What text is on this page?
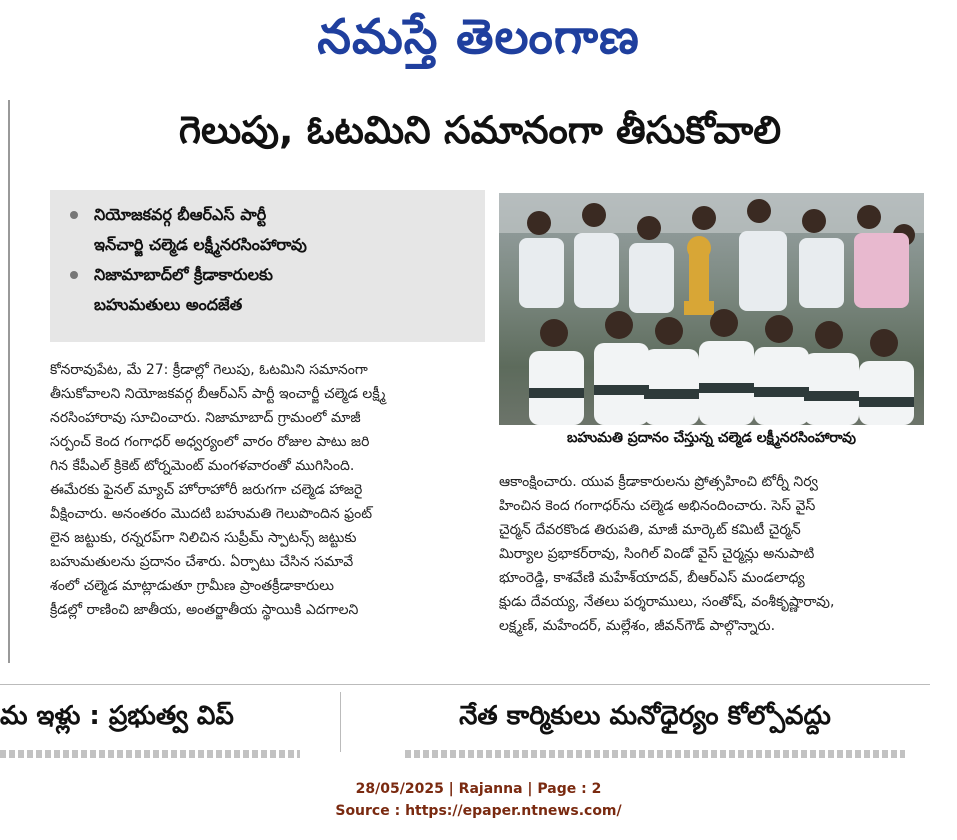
నమస్తే తెలంగాణ
గెలుపు, ఓటమిని సమానంగా తీసుకోవాలి
నియోజకవర్గ బీఆర్ఎస్ పార్టీ
ఇన్‌చార్జి చల్మెడ లక్ష్మీనరసింహారావు
నిజామాబాద్‌లో క్రీడాకారులకు
బహుమతులు అందజేత
బహుమతి ప్రదానం చేస్తున్న చల్మెడ లక్ష్మీనరసింహారావు
కోనరావుపేట, మే 27: క్రీడాల్లో గెలుపు, ఓటమిని సమానంగా
తీసుకోవాలని నియోజకవర్గ బీఆర్ఎస్ పార్టీ ఇంచార్జీ చల్మెడ లక్ష్మీ
నరసింహారావు సూచించారు. నిజామాబాద్ గ్రామంలో మాజీ
సర్పంచ్ కెంద గంగాధర్ అధ్వర్యంలో వారం రోజుల పాటు జరి
గిన కేపీఎల్ క్రికెట్ టోర్నమెంట్ మంగళవారంతో ముగిసింది.
ఈమేరకు ఫైనల్ మ్యాచ్ హోరాహోరీ జరుగగా చల్మెడ హాజరై
వీక్షించారు. అనంతరం మొదటి బహుమతి గెలుపొందిన ఫ్రంట్
లైన జట్టుకు, రన్నరప్‌గా నిలిచిన సుప్రీమ్ స్పాటన్స్ జట్టుకు
బహుమతులను ప్రదానం చేశారు. ఏర్పాటు చేసిన సమావే
శంలో చల్మెడ మాట్లాడుతూ గ్రామీణ ప్రాంతక్రీడాకారులు
క్రీడల్లో రాణించి జాతీయ, అంతర్జాతీయ స్థాయికి ఎదగాలని
ఆకాంక్షించారు. యువ క్రీడాకారులను ప్రోత్సహించి టోర్నీ నిర్వ
హించిన కెంద గంగాధర్‌ను చల్మెడ అభినందించారు. సెస్ వైస్
చైర్మన్ దేవరకొండ తిరుపతి, మాజీ మార్కెట్ కమిటీ చైర్మన్
మిర్యాల ప్రభాకర్‌రావు, సింగిల్ విండో వైస్ చైర్మన్లు అనుపాటి
భూంరెడ్డి, కాశవేణి మహేశ్‌యాదవ్, బీఆర్ఎస్ మండలాధ్య
క్షుడు దేవయ్య, నేతలు పర్శరాములు, సంతోష్, వంశీకృష్ణారావు,
లక్ష్మణ్, మహేందర్, మల్లేశం, జీవన్‌గౌడ్ పాల్గొన్నారు.
మ ఇళ్లు : ప్రభుత్వ విప్	నేత కార్మికులు మనోధైర్యం కోల్పోవద్దు
28/05/2025 | Rajanna | Page : 2
Source : https://epaper.ntnews.com/
